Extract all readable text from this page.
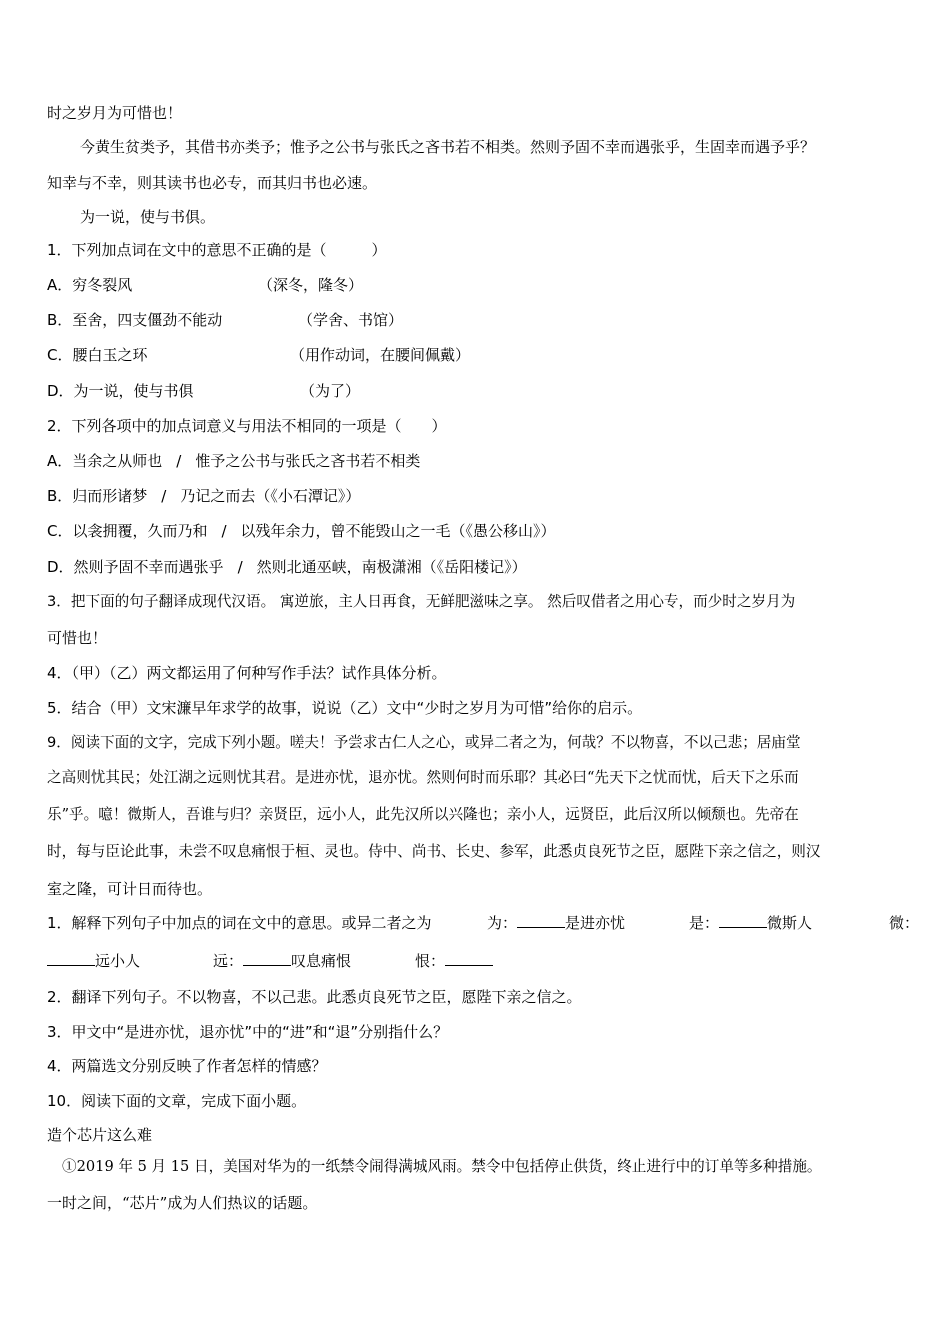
时之岁月为可惜也！
今黄生贫类予，其借书亦类予；惟予之公书与张氏之吝书若不相类。然则予固不幸而遇张乎，生固幸而遇予乎？
知幸与不幸，则其读书也必专，而其归书也必速。
为一说，使与书俱。
1．下列加点词在文中的意思不正确的是（　　　）
A．穷冬裂风	（深冬，隆冬）
B．至舍，四支僵劲不能动	（学舍、书馆）
C．腰白玉之环	（用作动词，在腰间佩戴）
D．为一说，使与书俱	（为了）
2．下列各项中的加点词意义与用法不相同的一项是（　　）
A．当余之从师也 / 惟予之公书与张氏之吝书若不相类
B．归而形诸梦 / 乃记之而去（《小石潭记》）
C．以衾拥覆，久而乃和 / 以残年余力，曾不能毁山之一毛（《愚公移山》）
D．然则予固不幸而遇张乎 / 然则北通巫峡，南极潇湘（《岳阳楼记》）
3．把下面的句子翻译成现代汉语。 寓逆旅，主人日再食，无鲜肥滋味之享。 然后叹借者之用心专，而少时之岁月为
可惜也！
4．（甲）（乙）两文都运用了何种写作手法？试作具体分析。
5．结合（甲）文宋濂早年求学的故事，说说（乙）文中“少时之岁月为可惜”给你的启示。
9．阅读下面的文字，完成下列小题。嗟夫！予尝求古仁人之心，或异二者之为，何哉？不以物喜，不以己悲；居庙堂
之高则忧其民；处江湖之远则忧其君。是进亦忧，退亦忧。然则何时而乐耶？其必曰“先天下之忧而忧，后天下之乐而
乐”乎。噫！微斯人，吾谁与归？亲贤臣，远小人，此先汉所以兴隆也；亲小人，远贤臣，此后汉所以倾颓也。先帝在
时，每与臣论此事，未尝不叹息痛恨于桓、灵也。侍中、尚书、长史、参军，此悉贞良死节之臣，愿陛下亲之信之，则汉
室之隆，可计日而待也。
1．解释下列句子中加点的词在文中的意思。或异二者之为	为：	是进亦忧	是：	微斯人	微：
远小人	远：	叹息痛恨	恨：
2．翻译下列句子。不以物喜，不以己悲。此悉贞良死节之臣，愿陛下亲之信之。
3．甲文中“是进亦忧，退亦忧”中的“进”和“退”分别指什么？
4．两篇选文分别反映了作者怎样的情感？
10．阅读下面的文章，完成下面小题。
造个芯片这么难
①2019 年 5 月 15 日，美国对华为的一纸禁令闹得满城风雨。禁令中包括停止供货，终止进行中的订单等多种措施。
一时之间，“芯片”成为人们热议的话题。
